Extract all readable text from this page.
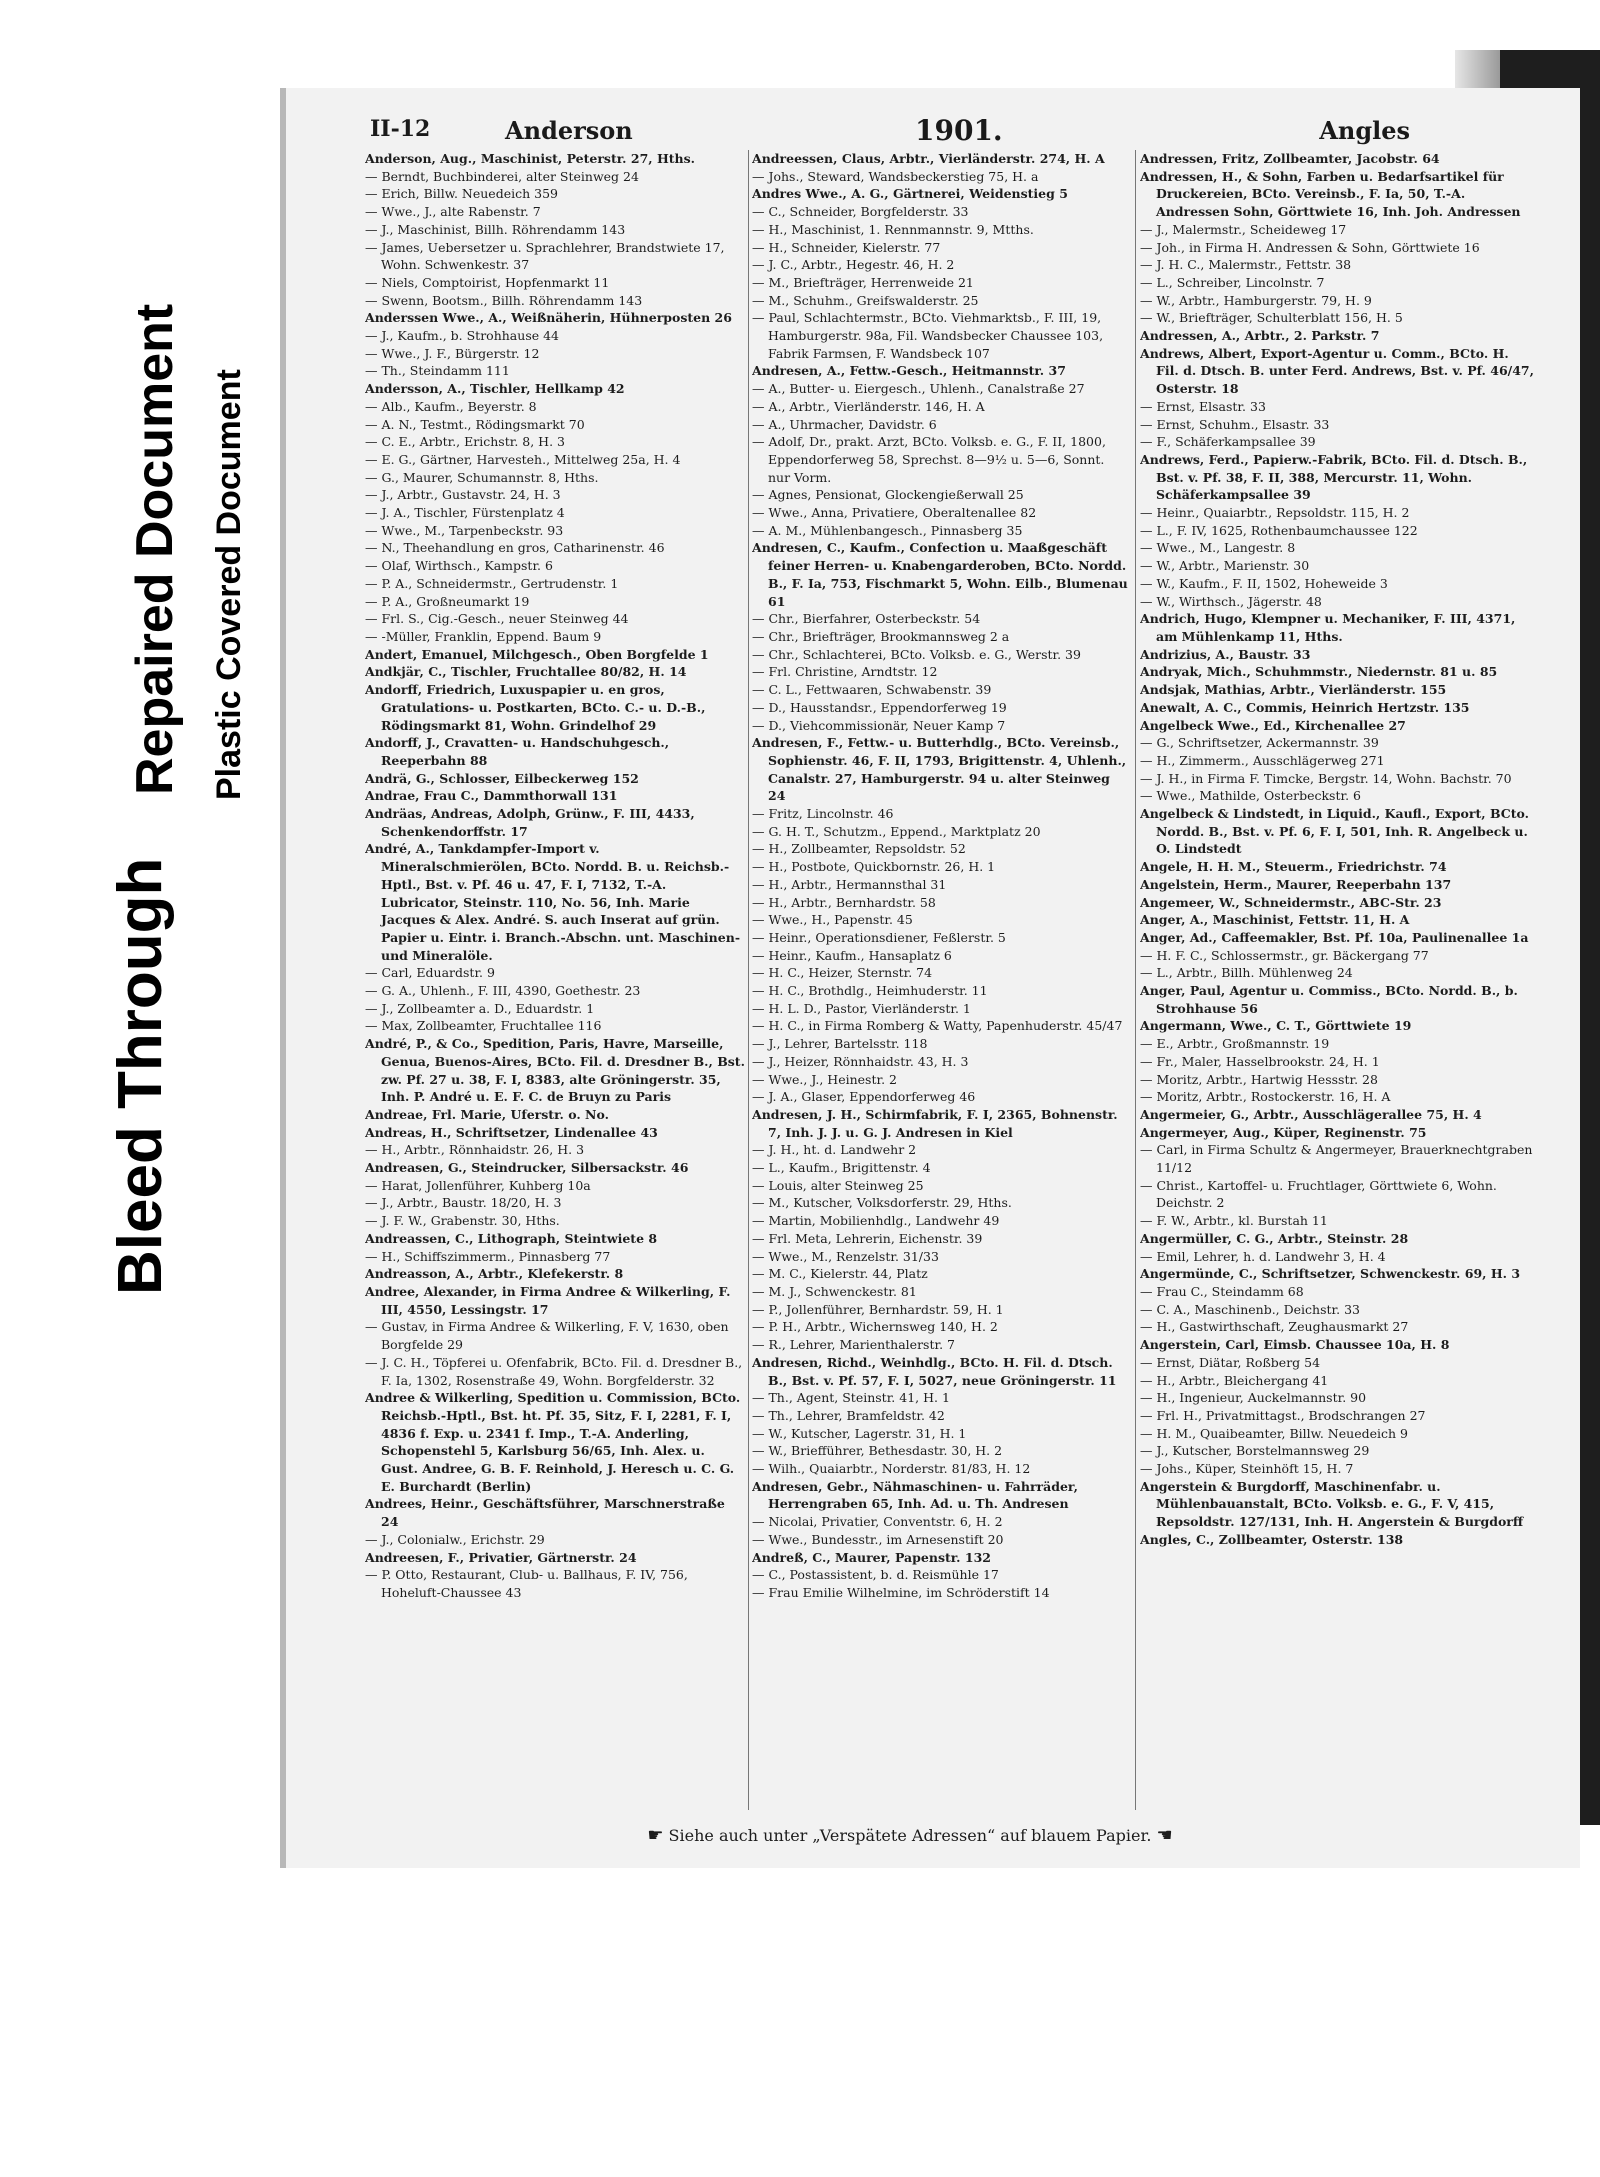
Bleed Through
Repaired Document Plastic Covered Document
II-12	Anderson	1901.	Angles

Anderson, Aug., Maschinist, Peterstr. 27, Hths.

— Berndt, Buchbinderei, alter Steinweg 24

— Erich, Billw. Neuedeich 359

— Wwe., J., alte Rabenstr. 7

— J., Maschinist, Billh. Röhrendamm 143

— James, Uebersetzer u. Sprachlehrer, Brandstwiete 17, Wohn. Schwenkestr. 37

— Niels, Comptoirist, Hopfenmarkt 11

— Swenn, Bootsm., Billh. Röhrendamm 143

Anderssen Wwe., A., Weißnäherin, Hühnerposten 26

— J., Kaufm., b. Strohhause 44

— Wwe., J. F., Bürgerstr. 12

— Th., Steindamm 111

Andersson, A., Tischler, Hellkamp 42

— Alb., Kaufm., Beyerstr. 8

— A. N., Testmt., Rödingsmarkt 70

— C. E., Arbtr., Erichstr. 8, H. 3

— E. G., Gärtner, Harvestеh., Mittelweg 25a, H. 4

— G., Maurer, Schumannstr. 8, Hths.

— J., Arbtr., Gustavstr. 24, H. 3

— J. A., Tischler, Fürstenplatz 4

— Wwe., M., Tarpenbeckstr. 93

— N., Theehandlung en gros, Catharinenstr. 46

— Olaf, Wirthsch., Kampstr. 6

— P. A., Schneidermstr., Gertrudenstr. 1

— P. A., Großneumarkt 19

— Frl. S., Cig.-Gesch., neuer Steinweg 44

— -Müller, Franklin, Eppend. Baum 9

Andert, Emanuel, Milchgesch., Oben Borgfelde 1

Andkjär, C., Tischler, Fruchtallee 80/82, H. 14

Andorff, Friedrich, Luxuspapier u. en gros, Gratulations- u. Postkarten, BCto. C.- u. D.-B., Rödingsmarkt 81, Wohn. Grindelhof 29

Andorff, J., Cravatten- u. Handschuhgesch., Reeperbahn 88

Andrä, G., Schlosser, Eilbeckerweg 152

Andrae, Frau C., Dammthorwall 131

Andräas, Andreas, Adolph, Grünw., F. III, 4433, Schenkendorffstr. 17

André, A., Tankdampfer-Import v. Mineralschmierölen, BCto. Nordd. B. u. Reichsb.-Hptl., Bst. v. Pf. 46 u. 47, F. I, 7132, T.-A. Lubricator, Steinstr. 110, No. 56, Inh. Marie Jacques & Alex. André. S. auch Inserat auf grün. Papier u. Eintr. i. Branch.-Abschn. unt. Maschinen- und Mineralöle.

— Carl, Eduardstr. 9

— G. A., Uhlenh., F. III, 4390, Goethestr. 23

— J., Zollbeamter a. D., Eduardstr. 1

— Max, Zollbeamter, Fruchtallee 116

André, P., & Co., Spedition, Paris, Havre, Marseille, Genua, Buenos-Aires, BCto. Fil. d. Dresdner B., Bst. zw. Pf. 27 u. 38, F. I, 8383, alte Gröningerstr. 35, Inh. P. André u. E. F. C. de Bruyn zu Paris

Andreae, Frl. Marie, Uferstr. o. No.

Andreas, H., Schriftsetzer, Lindenallee 43

— H., Arbtr., Rönnhaidstr. 26, H. 3

Andreasen, G., Steindrucker, Silbersackstr. 46

— Harat, Jollenführer, Kuhberg 10a

— J., Arbtr., Baustr. 18/20, H. 3

— J. F. W., Grabenstr. 30, Hths.

Andreassen, C., Lithograph, Steintwiete 8

— H., Schiffszimmerm., Pinnasberg 77

Andreasson, A., Arbtr., Klefekerstr. 8

Andree, Alexander, in Firma Andree & Wilkerling, F. III, 4550, Lessingstr. 17

— Gustav, in Firma Andree & Wilkerling, F. V, 1630, oben Borgfelde 29

— J. C. H., Töpferei u. Ofenfabrik, BCto. Fil. d. Dresdner B., F. Ia, 1302, Rosenstraße 49, Wohn. Borgfelderstr. 32

Andree & Wilkerling, Spedition u. Commission, BCto. Reichsb.-Hptl., Bst. ht. Pf. 35, Sitz, F. I, 2281, F. I, 4836 f. Exp. u. 2341 f. Imp., T.-A. Anderling, Schopenstehl 5, Karlsburg 56/65, Inh. Alex. u. Gust. Andree, G. B. F. Reinhold, J. Heresch u. C. G. E. Burchardt (Berlin)

Andrees, Heinr., Geschäftsführer, Marschnerstraße 24

— J., Colonialw., Erichstr. 29

Andreesen, F., Privatier, Gärtnerstr. 24

— P. Otto, Restaurant, Club- u. Ballhaus, F. IV, 756, Hoheluft-Chaussee 43

Andreessen, Claus, Arbtr., Vierländerstr. 274, H. A

— Johs., Steward, Wandsbeckerstieg 75, H. a

Andres Wwe., A. G., Gärtnerei, Weidenstieg 5

— C., Schneider, Borgfelderstr. 33

— H., Maschinist, 1. Rennmannstr. 9, Mtths.

— H., Schneider, Kielerstr. 77

— J. C., Arbtr., Hegestr. 46, H. 2

— M., Briefträger, Herrenweide 21

— M., Schuhm., Greifswalderstr. 25

— Paul, Schlachtermstr., BCto. Viehmarktsb., F. III, 19, Hamburgerstr. 98a, Fil. Wandsbecker Chaussee 103, Fabrik Farmsen, F. Wandsbeck 107

Andresen, A., Fettw.-Gesch., Heitmannstr. 37

— A., Butter- u. Eiergesch., Uhlenh., Canalstraße 27

— A., Arbtr., Vierländerstr. 146, H. A

— A., Uhrmacher, Davidstr. 6

— Adolf, Dr., prakt. Arzt, BCto. Volksb. e. G., F. II, 1800, Eppendorferweg 58, Sprechst. 8—9½ u. 5—6, Sonnt. nur Vorm.

— Agnes, Pensionat, Glockengießerwall 25

— Wwe., Anna, Privatiere, Oberaltenallee 82

— A. M., Mühlenbangesch., Pinnasberg 35

Andresen, C., Kaufm., Confection u. Maaßgeschäft feiner Herren- u. Knabengarderoben, BCto. Nordd. B., F. Ia, 753, Fischmarkt 5, Wohn. Eilb., Blumenau 61

— Chr., Bierfahrer, Osterbeckstr. 54

— Chr., Briefträger, Brookmannsweg 2 a

— Chr., Schlachterei, BCto. Volksb. e. G., Werstr. 39

— Frl. Christine, Arndtstr. 12

— C. L., Fettwaaren, Schwabenstr. 39

— D., Hausstandsr., Eppendorferweg 19

— D., Viehcommissionär, Neuer Kamp 7

Andresen, F., Fettw.- u. Butterhdlg., BCto. Vereinsb., Sophienstr. 46, F. II, 1793, Brigittenstr. 4, Uhlenh., Canalstr. 27, Hamburgerstr. 94 u. alter Steinweg 24

— Fritz, Lincolnstr. 46

— G. H. T., Schutzm., Eppend., Marktplatz 20

— H., Zollbeamter, Repsoldstr. 52

— H., Postbote, Quickbornstr. 26, H. 1

— H., Arbtr., Hermannsthal 31

— H., Arbtr., Bernhardstr. 58

— Wwe., H., Papenstr. 45

— Heinr., Operationsdiener, Feßlerstr. 5

— Heinr., Kaufm., Hansaplatz 6

— H. C., Heizer, Sternstr. 74

— H. C., Brothdlg., Heimhuderstr. 11

— H. L. D., Pastor, Vierländerstr. 1

— H. C., in Firma Romberg & Watty, Papenhuderstr. 45/47

— J., Lehrer, Bartelsstr. 118

— J., Heizer, Rönnhaidstr. 43, H. 3

— Wwe., J., Heinestr. 2

— J. A., Glaser, Eppendorferweg 46

Andresen, J. H., Schirmfabrik, F. I, 2365, Bohnenstr. 7, Inh. J. J. u. G. J. Andresen in Kiel

— J. H., ht. d. Landwehr 2

— L., Kaufm., Brigittenstr. 4

— Louis, alter Steinweg 25

— M., Kutscher, Volksdorferstr. 29, Hths.

— Martin, Mobilienhdlg., Landwehr 49

— Frl. Meta, Lehrerin, Eichenstr. 39

— Wwe., M., Renzelstr. 31/33

— M. C., Kielerstr. 44, Platz

— M. J., Schwenckestr. 81

— P., Jollenführer, Bernhardstr. 59, H. 1

— P. H., Arbtr., Wichernsweg 140, H. 2

— R., Lehrer, Marienthalerstr. 7

Andresen, Richd., Weinhdlg., BCto. H. Fil. d. Dtsch. B., Bst. v. Pf. 57, F. I, 5027, neue Gröningerstr. 11

— Th., Agent, Steinstr. 41, H. 1

— Th., Lehrer, Bramfeldstr. 42

— W., Kutscher, Lagerstr. 31, H. 1

— W., Briefführer, Bethesdastr. 30, H. 2

— Wilh., Quaiarbtr., Norderstr. 81/83, H. 12

Andresen, Gebr., Nähmaschinen- u. Fahrräder, Herrengraben 65, Inh. Ad. u. Th. Andresen

— Nicolai, Privatier, Conventstr. 6, H. 2

— Wwe., Bundesstr., im Arnesenstift 20

Andreß, C., Maurer, Papenstr. 132

— C., Postassistent, b. d. Reismühle 17

— Frau Emilie Wilhelmine, im Schröderstift 14

Andressen, Fritz, Zollbeamter, Jacobstr. 64

Andressen, H., & Sohn, Farben u. Bedarfsartikel für Druckereien, BCto. Vereinsb., F. Ia, 50, T.-A. Andressen Sohn, Görttwiete 16, Inh. Joh. Andressen

— J., Malermstr., Scheideweg 17

— Joh., in Firma H. Andressen & Sohn, Görttwiete 16

— J. H. C., Malermstr., Fettstr. 38

— L., Schreiber, Lincolnstr. 7

— W., Arbtr., Hamburgerstr. 79, H. 9

— W., Briefträger, Schulterblatt 156, H. 5

Andressen, A., Arbtr., 2. Parkstr. 7

Andrews, Albert, Export-Agentur u. Comm., BCto. H. Fil. d. Dtsch. B. unter Ferd. Andrews, Bst. v. Pf. 46/47, Osterstr. 18

— Ernst, Elsastr. 33

— Ernst, Schuhm., Elsastr. 33

— F., Schäferkampsallee 39

Andrews, Ferd., Papierw.-Fabrik, BCto. Fil. d. Dtsch. B., Bst. v. Pf. 38, F. II, 388, Mercurstr. 11, Wohn. Schäferkampsallee 39

— Heinr., Quaiarbtr., Repsoldstr. 115, H. 2

— L., F. IV, 1625, Rothenbaumchaussee 122

— Wwe., M., Langestr. 8

— W., Arbtr., Marienstr. 30

— W., Kaufm., F. II, 1502, Hoheweide 3

— W., Wirthsch., Jägerstr. 48

Andrich, Hugo, Klempner u. Mechaniker, F. III, 4371, am Mühlenkamp 11, Hths.

Andrizius, A., Baustr. 33

Andryak, Mich., Schuhmmstr., Niedernstr. 81 u. 85

Andsjak, Mathias, Arbtr., Vierländerstr. 155

Anewalt, A. C., Commis, Heinrich Hertzstr. 135

Angelbeck Wwe., Ed., Kirchenallee 27

— G., Schriftsetzer, Ackermannstr. 39

— H., Zimmerm., Ausschlägerweg 271

— J. H., in Firma F. Timcke, Bergstr. 14, Wohn. Bachstr. 70

— Wwe., Mathilde, Osterbeckstr. 6

Angelbeck & Lindstedt, in Liquid., Kaufl., Export, BCto. Nordd. B., Bst. v. Pf. 6, F. I, 501, Inh. R. Angelbeck u. O. Lindstedt

Angele, H. H. M., Steuerm., Friedrichstr. 74

Angelstein, Herm., Maurer, Reeperbahn 137

Angemeer, W., Schneidermstr., ABC-Str. 23

Anger, A., Maschinist, Fettstr. 11, H. A

Anger, Ad., Caffeemakler, Bst. Pf. 10a, Paulinenallee 1a

— H. F. C., Schlossermstr., gr. Bäckergang 77

— L., Arbtr., Billh. Mühlenweg 24

Anger, Paul, Agentur u. Commiss., BCto. Nordd. B., b. Strohhause 56

Angermann, Wwe., C. T., Görttwiete 19

— E., Arbtr., Großmannstr. 19

— Fr., Maler, Hasselbrookstr. 24, H. 1

— Moritz, Arbtr., Hartwig Hessstr. 28

— Moritz, Arbtr., Rostockerstr. 16, H. A

Angermeier, G., Arbtr., Ausschlägerallee 75, H. 4

Angermeyer, Aug., Küper, Reginenstr. 75

— Carl, in Firma Schultz & Angermeyer, Brauerknechtgraben 11/12

— Christ., Kartoffel- u. Fruchtlager, Görttwiete 6, Wohn. Deichstr. 2

— F. W., Arbtr., kl. Burstah 11

Angermüller, C. G., Arbtr., Steinstr. 28

— Emil, Lehrer, h. d. Landwehr 3, H. 4

Angermünde, C., Schriftsetzer, Schwenckestr. 69, H. 3

— Frau C., Steindamm 68

— C. A., Maschinenb., Deichstr. 33

— H., Gastwirthschaft, Zeughausmarkt 27

Angerstein, Carl, Eimsb. Chaussee 10a, H. 8

— Ernst, Diätar, Roßberg 54

— H., Arbtr., Bleichergang 41

— H., Ingenieur, Auckelmannstr. 90

— Frl. H., Privatmittagst., Brodschrangen 27

— H. M., Quaibeamter, Billw. Neuedeich 9

— J., Kutscher, Borstelmannsweg 29

— Johs., Küper, Steinhöft 15, H. 7

Angerstein & Burgdorff, Maschinenfabr. u. Mühlenbauanstalt, BCto. Volksb. e. G., F. V, 415, Repsoldstr. 127/131, Inh. H. Angerstein & Burgdorff

Angles, C., Zollbeamter, Osterstr. 138

☛ Siehe auch unter „Verspätete Adressen“ auf blauem Papier. ☚
